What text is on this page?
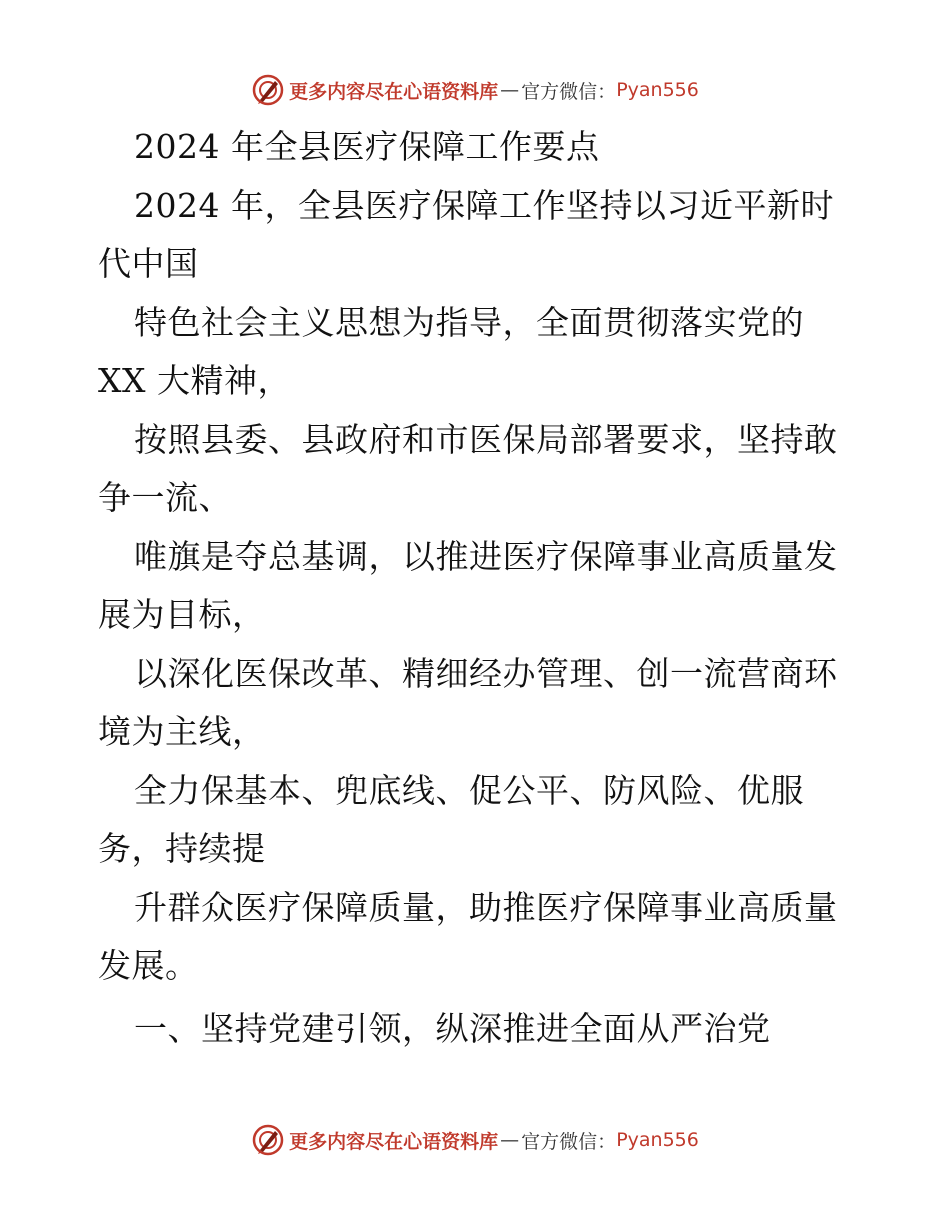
更多内容尽在心语资料库 — 官方微信： Pyan556

2024 年全县医疗保障工作要点

2024 年，全县医疗保障工作坚持以习近平新时
代中国

特色社会主义思想为指导，全面贯彻落实党的
XX 大精神，

按照县委、县政府和市医保局部署要求，坚持敢
争一流、

唯旗是夺总基调，以推进医疗保障事业高质量发
展为目标，

以深化医保改革、精细经办管理、创一流营商环
境为主线，

全力保基本、兜底线、促公平、防风险、优服
务，持续提

升群众医疗保障质量，助推医疗保障事业高质量
发展。

一、坚持党建引领，纵深推进全面从严治党

更多内容尽在心语资料库 — 官方微信： Pyan556
